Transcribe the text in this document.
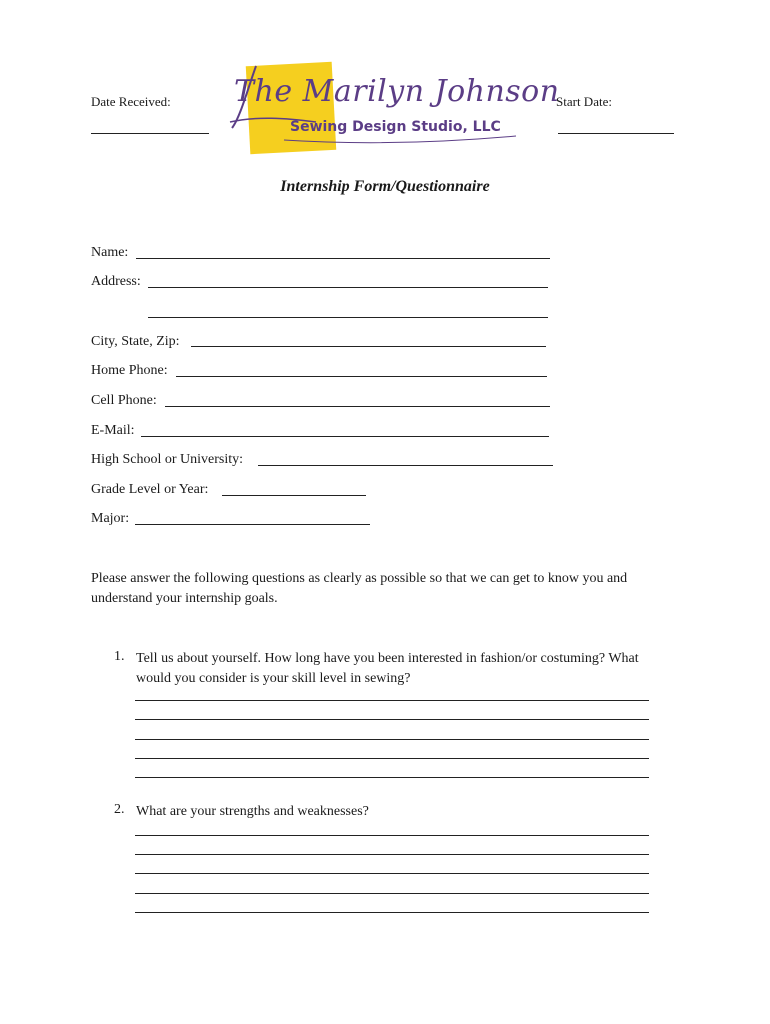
Date Received: The Marilyn Johnson
Sewing Design Studio, LLC
Start Date:
Internship Form/Questionnaire
Name:
Address:
City, State, Zip:
Home Phone:
Cell Phone:
E-Mail:
High School or University:
Grade Level or Year:
Major:
Please answer the following questions as clearly as possible so that we can get to know you and understand your internship goals.
1. Tell us about yourself. How long have you been interested in fashion/or costuming? What would you consider is your skill level in sewing?
2. What are your strengths and weaknesses?
